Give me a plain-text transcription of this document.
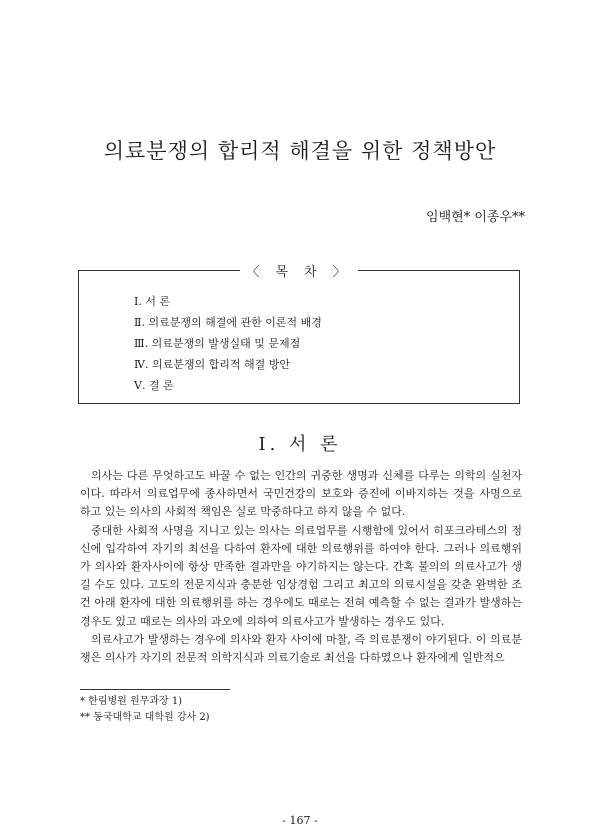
의료분쟁의 합리적 해결을 위한 정책방안
임백현* 이종우**
〈 목 차 〉
Ⅰ. 서 론
Ⅱ. 의료분쟁의 해결에 관한 이론적 배경
Ⅲ. 의료분쟁의 발생실태 및 문제점
Ⅳ. 의료분쟁의 합리적 해결 방안
Ⅴ. 결 론
Ⅰ. 서 론

의사는 다른 무엇하고도 바꿀 수 없는 인간의 귀중한 생명과 신체를 다루는 의학의 실천자이다. 따라서 의료업무에 종사하면서 국민건강의 보호와 증진에 이바지하는 것을 사명으로 하고 있는 의사의 사회적 책임은 실로 막중하다고 하지 않을 수 없다.

중대한 사회적 사명을 지니고 있는 의사는 의료업무를 시행함에 있어서 히포크라테스의 정신에 입각하여 자기의 최선을 다하여 환자에 대한 의료행위를 하여야 한다. 그러나 의료행위가 의사와 환자사이에 항상 만족한 결과만을 야기하지는 않는다. 간혹 불의의 의료사고가 생길 수도 있다. 고도의 전문지식과 충분한 임상경험 그리고 최고의 의료시설을 갖춘 완벽한 조건 아래 환자에 대한 의료행위를 하는 경우에도 때로는 전혀 예측할 수 없는 결과가 발생하는 경우도 있고 때로는 의사의 과오에 의하여 의료사고가 발생하는 경우도 있다.

의료사고가 발생하는 경우에 의사와 환자 사이에 마찰, 즉 의료분쟁이 야기된다. 이 의료분쟁은 의사가 자기의 전문적 의학지식과 의료기술로 최선을 다하였으나 환자에게 일반적으

* 한림병원 원무과장 1)
** 동국대학교 대학원 강사 2)
- 167 -
